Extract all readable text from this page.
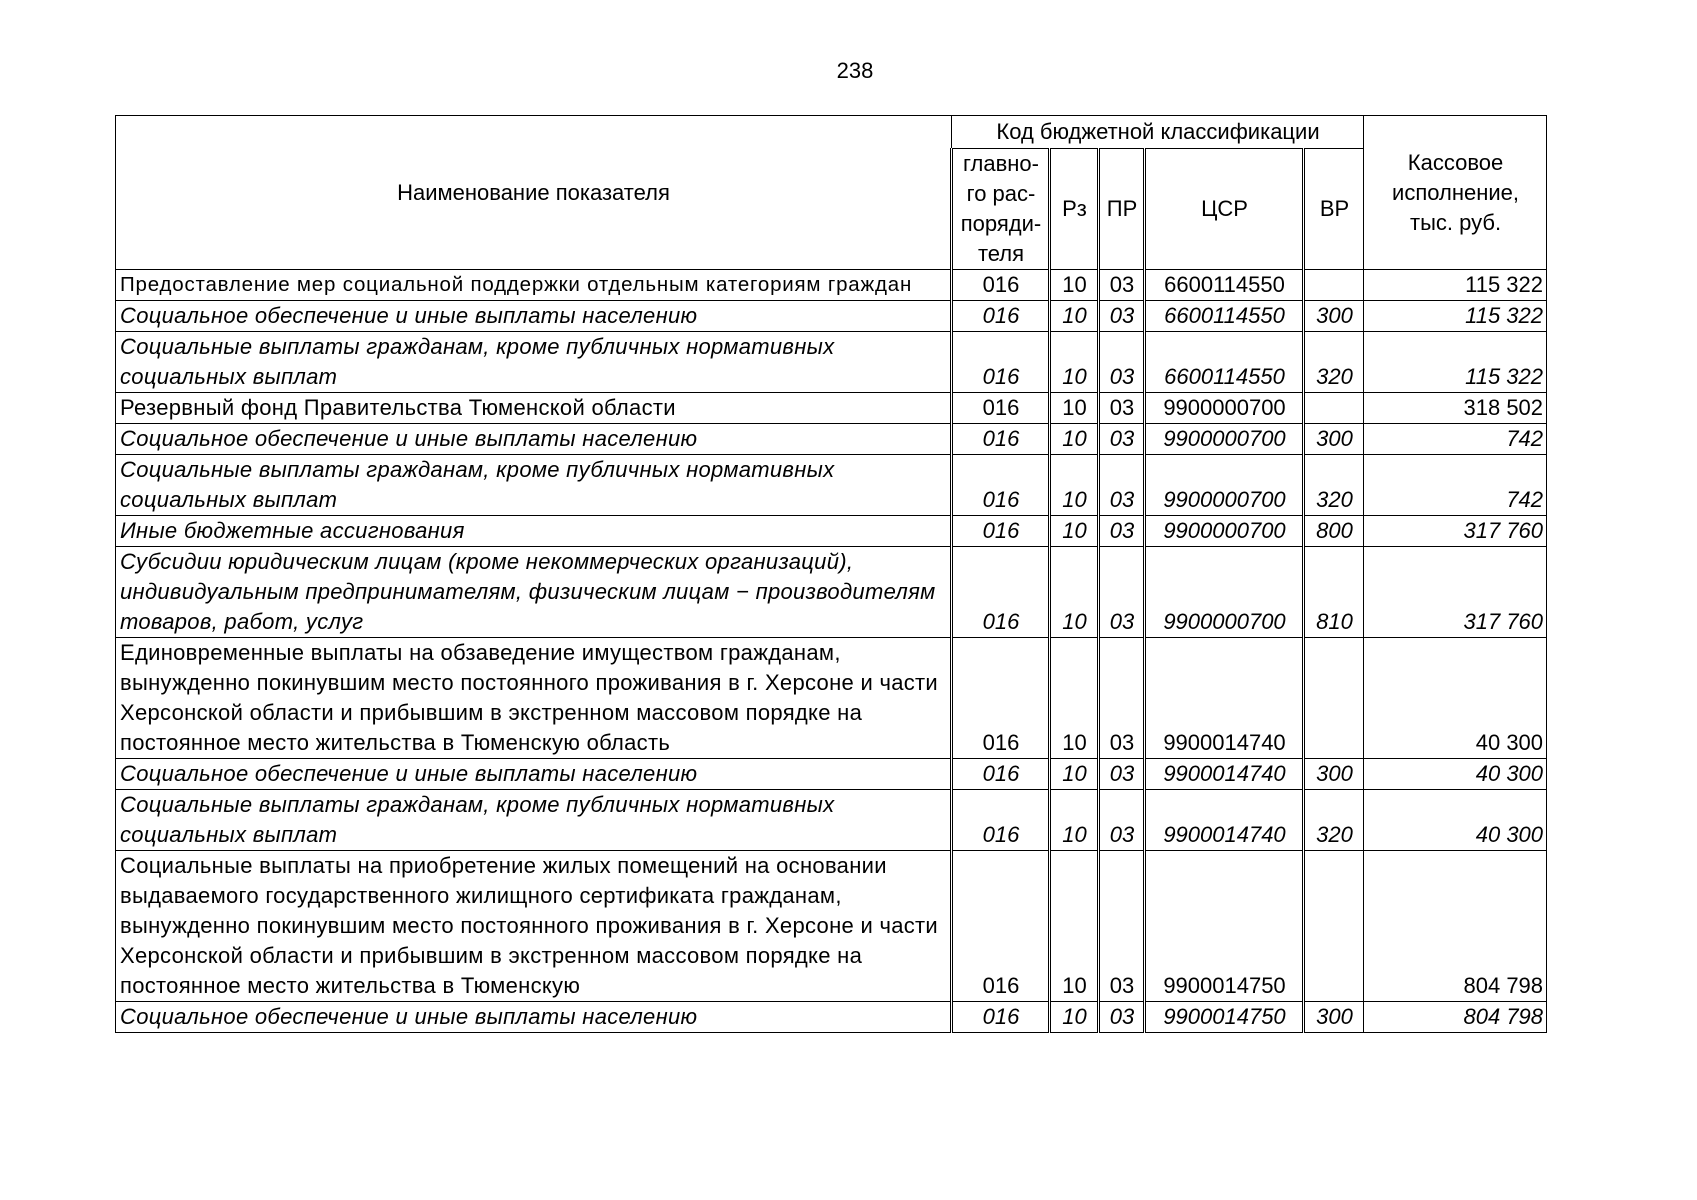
238
Наименование показателя	Код бюджетной классификации					Кассовое
исполнение,
тыс. руб.

	главно-
го рас-
поряди-
теля	Рз	ПР	ЦСР	ВР	
Предоставление мер социальной поддержки отдельным категориям граждан	016	10	03	6600114550		115 322
Социальное обеспечение и иные выплаты населению	016	10	03	6600114550	300	115 322
Социальные выплаты гражданам, кроме публичных нормативных социальных выплат	016	10	03	6600114550	320	115 322
Резервный фонд Правительства Тюменской области	016	10	03	9900000700		318 502
Социальное обеспечение и иные выплаты населению	016	10	03	9900000700	300	742
Социальные выплаты гражданам, кроме публичных нормативных социальных выплат	016	10	03	9900000700	320	742
Иные бюджетные ассигнования	016	10	03	9900000700	800	317 760
Субсидии юридическим лицам (кроме некоммерческих организаций), индивидуальным предпринимателям, физическим лицам − производителям товаров, работ, услуг	016	10	03	9900000700	810	317 760
Единовременные выплаты на обзаведение имуществом гражданам, вынужденно покинувшим место постоянного проживания в г. Херсоне и части Херсонской области и прибывшим в экстренном массовом порядке на постоянное место жительства в Тюменскую область	016	10	03	9900014740		40 300
Социальное обеспечение и иные выплаты населению	016	10	03	9900014740	300	40 300
Социальные выплаты гражданам, кроме публичных нормативных социальных выплат	016	10	03	9900014740	320	40 300
Социальные выплаты на приобретение жилых помещений на основании выдаваемого государственного жилищного сертификата гражданам, вынужденно покинувшим место постоянного проживания в г. Херсоне и части Херсонской области и прибывшим в экстренном массовом порядке на постоянное место жительства в Тюменскую	016	10	03	9900014750		804 798
Социальное обеспечение и иные выплаты населению	016	10	03	9900014750	300	804 798
